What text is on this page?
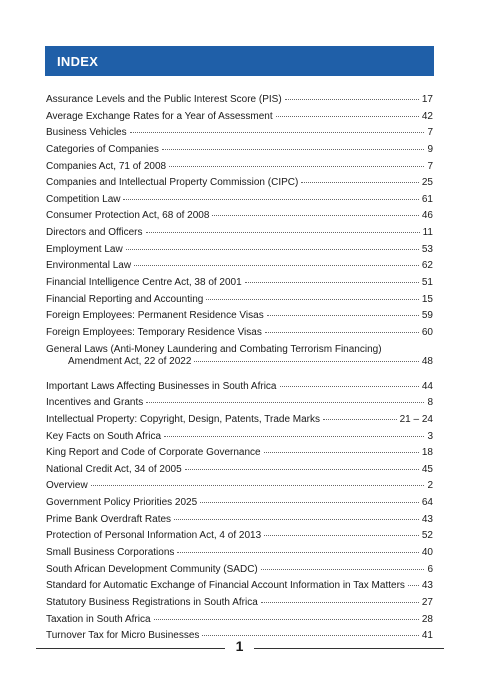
INDEX
Assurance Levels and the Public Interest Score (PIS)	17
Average Exchange Rates for a Year of Assessment	42
Business Vehicles	7
Categories of Companies	9
Companies Act, 71 of 2008	7
Companies and Intellectual Property Commission (CIPC)	25
Competition Law	61
Consumer Protection Act, 68 of 2008	46
Directors and Officers	11
Employment Law	53
Environmental Law	62
Financial Intelligence Centre Act, 38 of 2001	51
Financial Reporting and Accounting	15
Foreign Employees: Permanent Residence Visas	59
Foreign Employees: Temporary Residence Visas	60
General Laws (Anti-Money Laundering and Combating Terrorism Financing)
Amendment Act, 22 of 2022	48
Important Laws Affecting Businesses in South Africa	44
Incentives and Grants	8
Intellectual Property: Copyright, Design, Patents, Trade Marks	21 – 24
Key Facts on South Africa	3
King Report and Code of Corporate Governance	18
National Credit Act, 34 of 2005	45
Overview	2
Government Policy Priorities 2025	64
Prime Bank Overdraft Rates	43
Protection of Personal Information Act, 4 of 2013	52
Small Business Corporations	40
South African Development Community (SADC)	6
Standard for Automatic Exchange of Financial Account Information in Tax Matters 43
Statutory Business Registrations in South Africa	27
Taxation in South Africa	28
Turnover Tax for Micro Businesses	41
1
